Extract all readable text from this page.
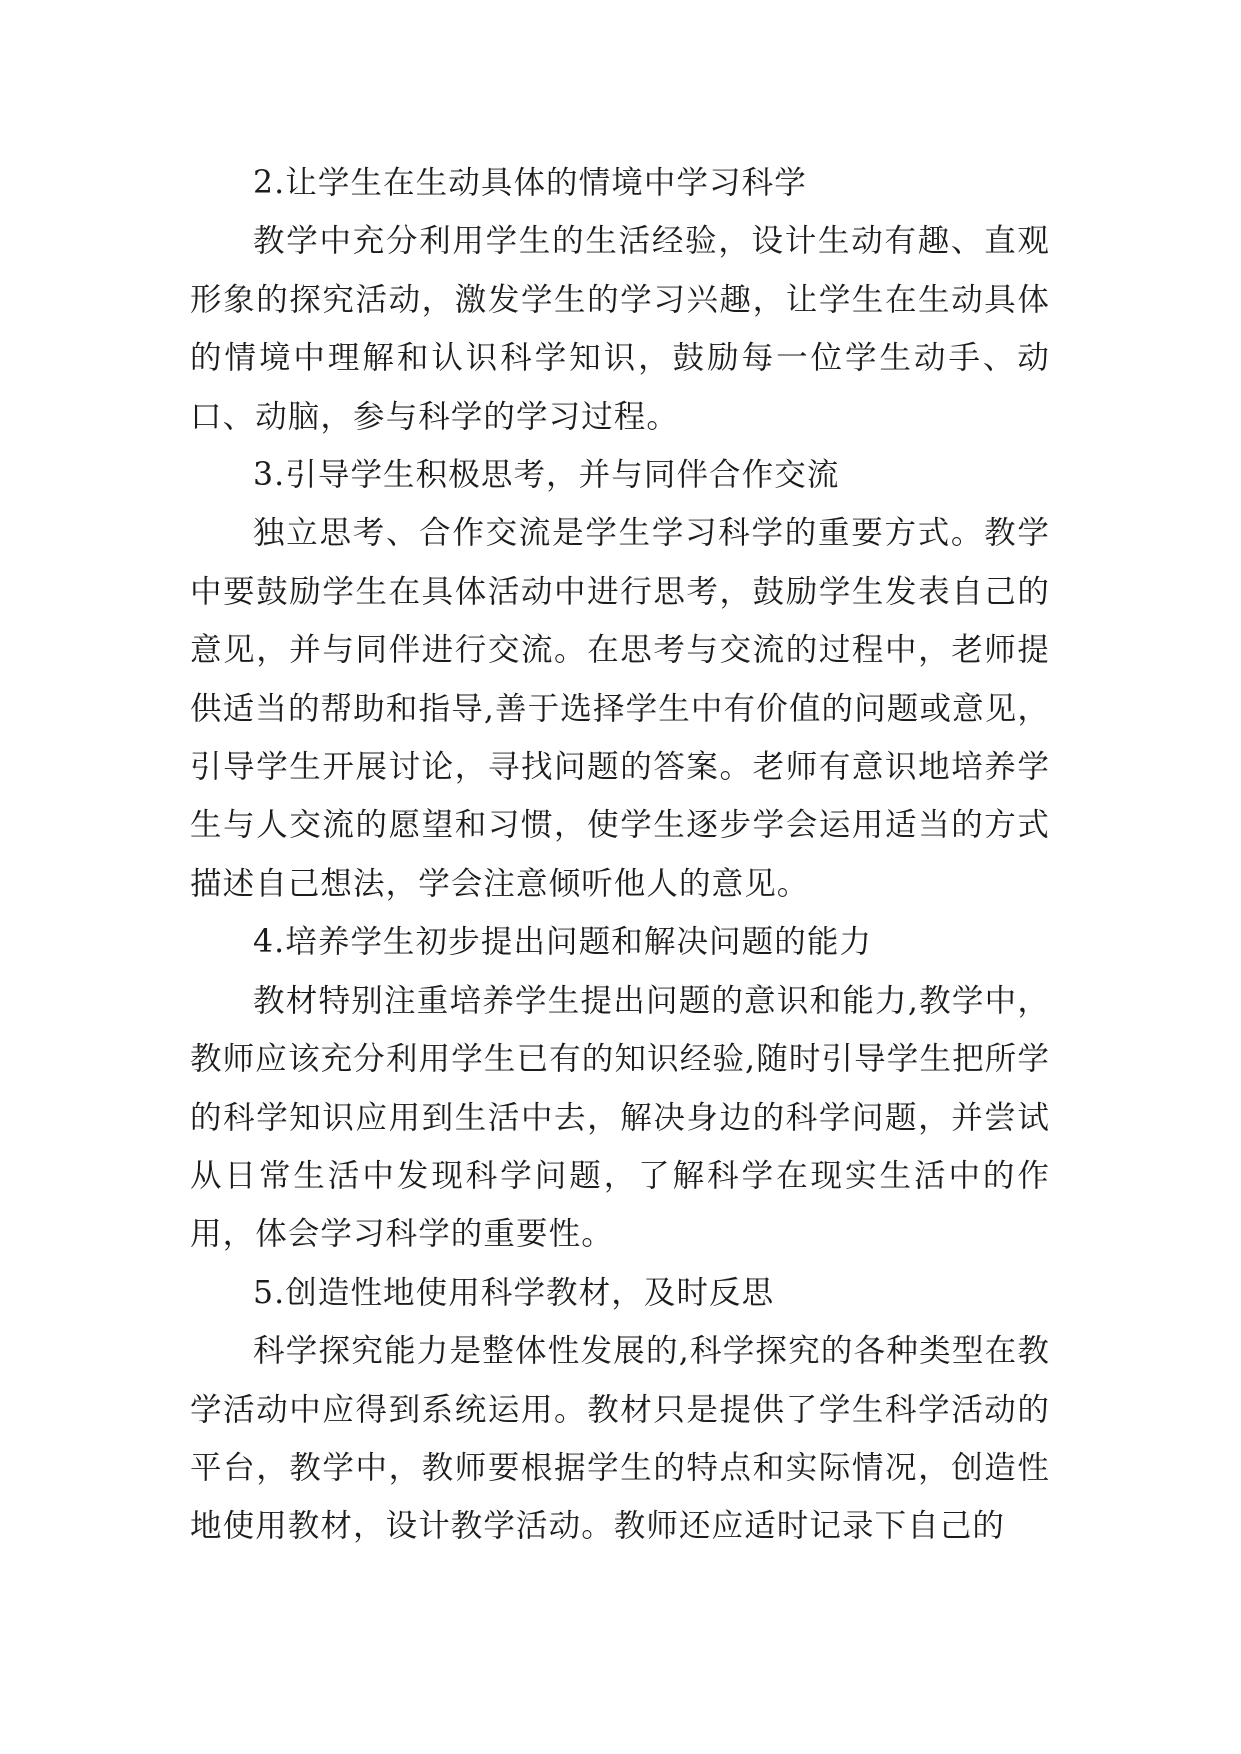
2.让学生在生动具体的情境中学习科学

教学中充分利用学生的生活经验，设计生动有趣、直观形象的探究活动，激发学生的学习兴趣，让学生在生动具体的情境中理解和认识科学知识，鼓励每一位学生动手、动口、动脑，参与科学的学习过程。

3.引导学生积极思考，并与同伴合作交流

独立思考、合作交流是学生学习科学的重要方式。教学中要鼓励学生在具体活动中进行思考，鼓励学生发表自己的意见，并与同伴进行交流。在思考与交流的过程中，老师提供适当的帮助和指导,善于选择学生中有价值的问题或意见，引导学生开展讨论，寻找问题的答案。老师有意识地培养学生与人交流的愿望和习惯，使学生逐步学会运用适当的方式描述自己想法，学会注意倾听他人的意见。

4.培养学生初步提出问题和解决问题的能力

教材特别注重培养学生提出问题的意识和能力,教学中，教师应该充分利用学生已有的知识经验,随时引导学生把所学的科学知识应用到生活中去，解决身边的科学问题，并尝试从日常生活中发现科学问题，了解科学在现实生活中的作用，体会学习科学的重要性。

5.创造性地使用科学教材，及时反思

科学探究能力是整体性发展的,科学探究的各种类型在教学活动中应得到系统运用。教材只是提供了学生科学活动的平台，教学中，教师要根据学生的特点和实际情况，创造性地使用教材，设计教学活动。教师还应适时记录下自己的
